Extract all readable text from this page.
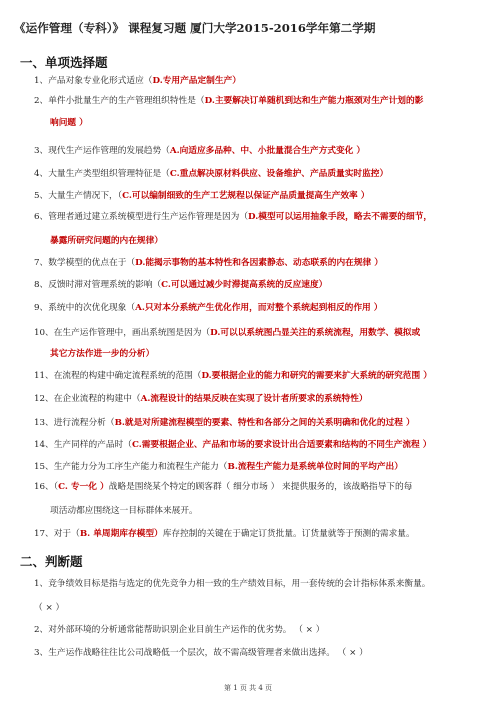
《运作管理（专科）》 课程复习题 厦门大学2015-2016学年第二学期
一、单项选择题
1、产品对象专业化形式适应（D.专用产品定制生产）
2、单件小批量生产的生产管理组织特性是（D.主要解决订单随机到达和生产能力瓶颈对生产计划的影
响问题 ）
3、现代生产运作管理的发展趋势（A.向适应多品种、中、小批量混合生产方式变化 ）
4、大量生产类型组织管理特征是（C.重点解决原材料供应、设备维护、产品质量实时监控）
5、大量生产情况下，（C.可以编制细致的生产工艺规程以保证产品质量提高生产效率 ）
6、管理者通过建立系统模型进行生产运作管理是因为（D.模型可以运用抽象手段，略去不需要的细节，
暴露所研究问题的内在规律）
7、数学模型的优点在于（D.能揭示事物的基本特性和各因素静态、动态联系的内在规律 ）
8、反馈时滞对管理系统的影响（C.可以通过减少时滞提高系统的反应速度）
9、系统中的次优化现象（A.只对本分系统产生优化作用，而对整个系统起到相反的作用 ）
10、在生产运作管理中，画出系统图是因为（D.可以以系统图凸显关注的系统流程，用数学、模拟或
其它方法作进一步的分析）
11、在流程的构建中确定流程系统的范围（D.要根据企业的能力和研究的需要来扩大系统的研究范围 ）
12、在企业流程的构建中（A.流程设计的结果反映在实现了设计者所要求的系统特性）
13、进行流程分析（B.就是对所建流程模型的要素、特性和各部分之间的关系明确和优化的过程 ）
14、生产同样的产品时（C.需要根据企业、产品和市场的要求设计出合适要素和结构的不同生产流程 ）
15、生产能力分为工序生产能力和流程生产能力（B.流程生产能力是系统单位时间的平均产出）
16、（C. 专一化 ）战略是围绕某个特定的顾客群（ 细分市场 ） 来提供服务的，该战略指导下的每
项活动都应围绕这一目标群体来展开。
17、对于（B. 单周期库存模型）库存控制的关键在于确定订货批量。订货量就等于预测的需求量。
二、判断题
1、竞争绩效目标是指与选定的优先竞争力相一致的生产绩效目标，用一套传统的会计指标体系来衡量。
（ × ）
2、对外部环境的分析通常能帮助识别企业目前生产运作的优劣势。 （ × ）
3、生产运作战略往往比公司战略低一个层次，故不需高级管理者来做出选择。 （ × ）
第 1 页 共 4 页
